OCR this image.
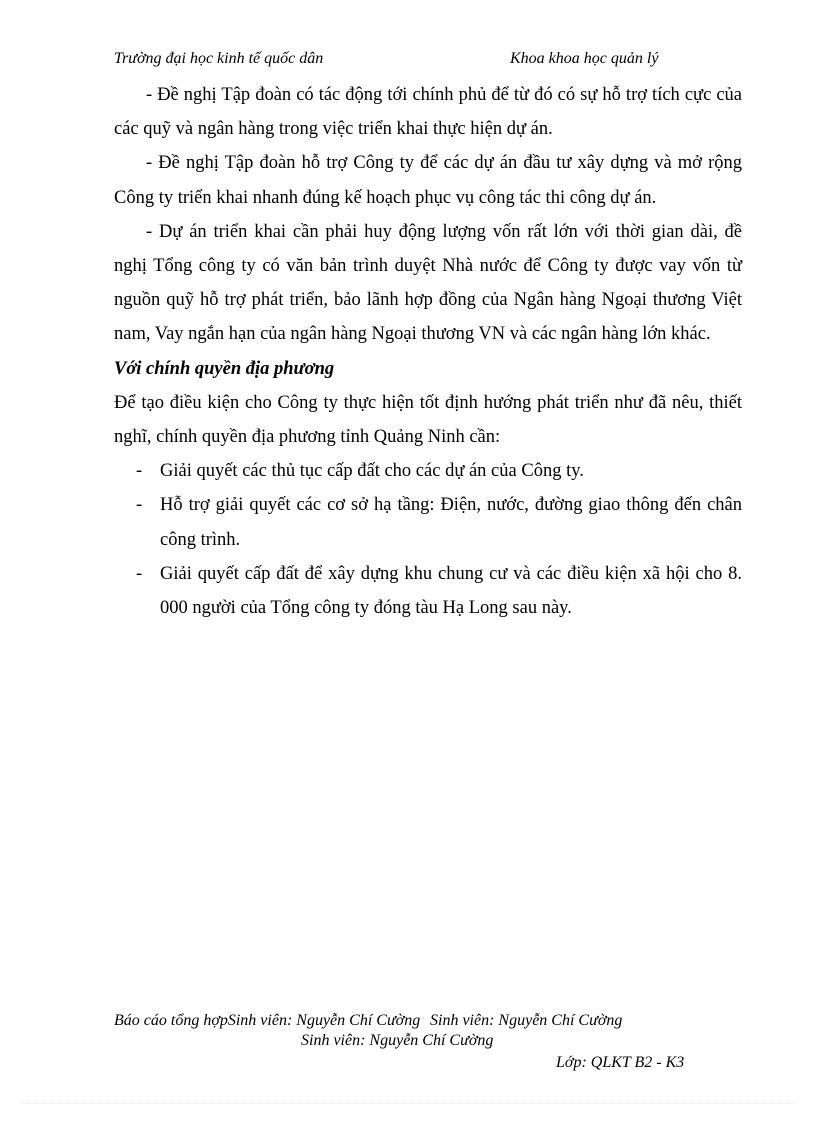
Trường đại học kinh tế quốc dân	Khoa khoa học quản lý

- Đề nghị Tập đoàn có tác động tới chính phủ để từ đó có sự hỗ trợ tích cực của các quỹ và ngân hàng trong việc triển khai thực hiện dự án.

- Đề nghị Tập đoàn hỗ trợ Công ty để các dự án đầu tư xây dựng và mở rộng Công ty triển khai nhanh đúng kế hoạch phục vụ công tác thi công dự án.

- Dự án triển khai cần phải huy động lượng vốn rất lớn với thời gian dài, đề nghị Tổng công ty có văn bản trình duyệt Nhà nước để Công ty được vay vốn từ nguồn quỹ hỗ trợ phát triển, bảo lãnh hợp đồng của Ngân hàng Ngoại thương Việt nam, Vay ngắn hạn của ngân hàng Ngoại thương VN và các ngân hàng lớn khác.

Với chính quyền địa phương

Để tạo điều kiện cho Công ty thực hiện tốt định hướng phát triển như đã nêu, thiết nghĩ, chính quyền địa phương tỉnh Quảng Ninh cần:

- Giải quyết các thủ tục cấp đất cho các dự án của Công ty.
- Hỗ trợ giải quyết các cơ sở hạ tầng: Điện, nước, đường giao thông đến chân công trình.
- Giải quyết cấp đất để xây dựng khu chung cư và các điều kiện xã hội cho 8. 000 người của Tổng công ty đóng tàu Hạ Long sau này.
Báo cáo tổng hợpSinh viên: Nguyễn Chí Cường Sinh viên: Nguyễn Chí Cường
Sinh viên: Nguyễn Chí Cường
Lớp: QLKT B2 - K3
